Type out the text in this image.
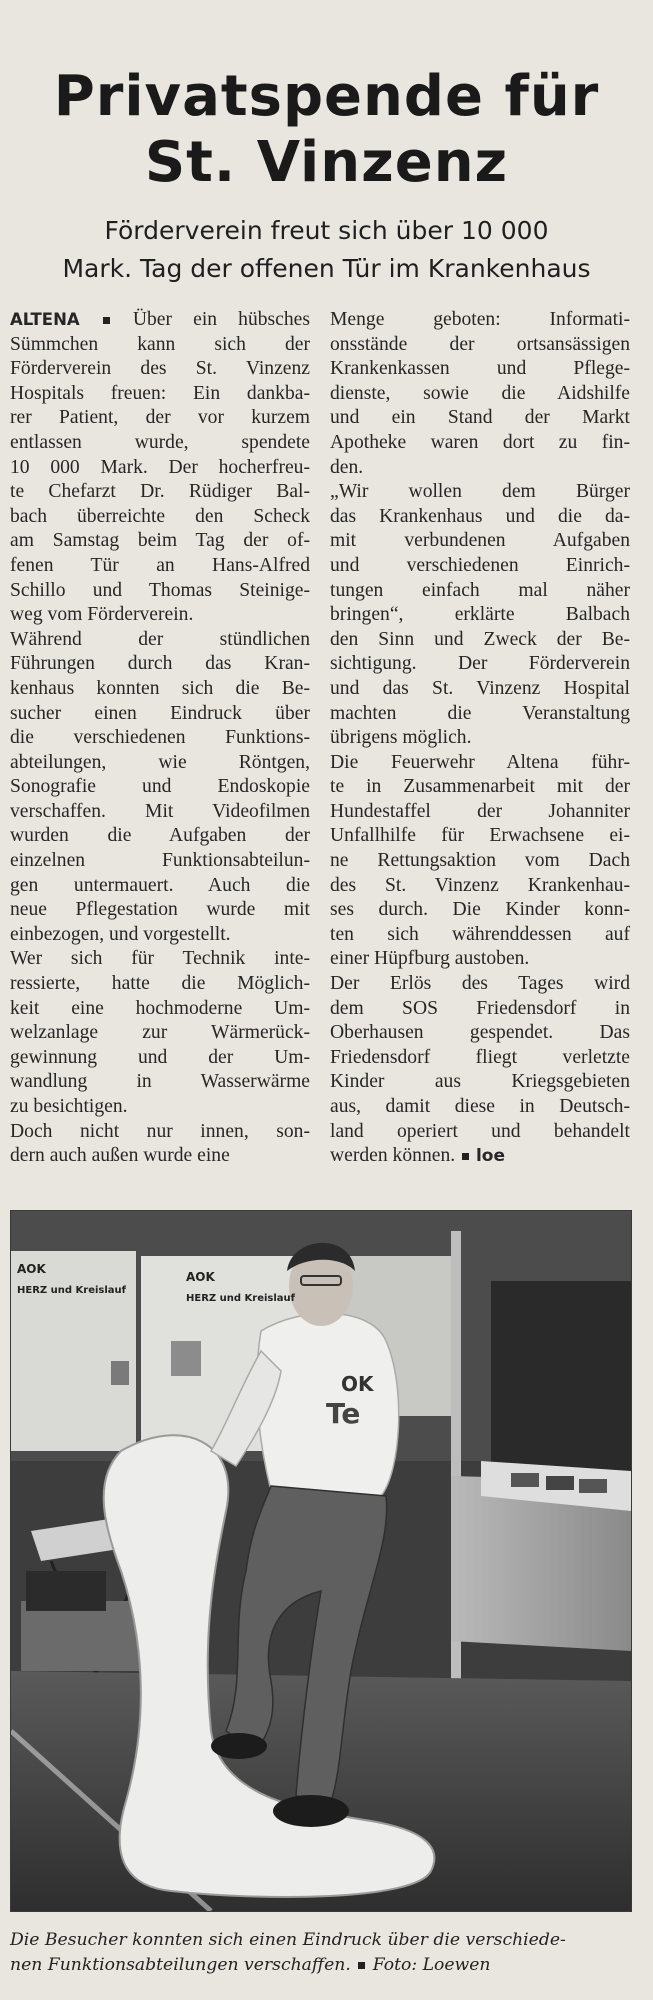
Privatspende für
St. Vinzenz
Förderverein freut sich über 10 000
Mark. Tag der offenen Tür im Krankenhaus
ALTENA	Über ein hübsches
Sümmchen kann sich der
Förderverein des St. Vinzenz
Hospitals freuen: Ein dankba-
rer Patient, der vor kurzem
entlassen wurde, spendete
10 000 Mark. Der hocherfreu-
te Chefarzt Dr. Rüdiger Bal-
bach überreichte den Scheck
am Samstag beim Tag der of-
fenen Tür an Hans-Alfred
Schillo und Thomas Steinige-
weg vom Förderverein.
Während der stündlichen
Führungen durch das Kran-
kenhaus konnten sich die Be-
sucher einen Eindruck über
die verschiedenen Funktions-
abteilungen, wie Röntgen,
Sonografie und Endoskopie
verschaffen. Mit Videofilmen
wurden die Aufgaben der
einzelnen Funktionsabteilun-
gen untermauert. Auch die
neue Pflegestation wurde mit
einbezogen, und vorgestellt.
Wer sich für Technik inte-
ressierte, hatte die Möglich-
keit eine hochmoderne Um-
welzanlage zur Wärmerück-
gewinnung und der Um-
wandlung in Wasserwärme
zu besichtigen.
Doch nicht nur innen, son-
dern auch außen wurde eine
Menge geboten: Informati-
onsstände der ortsansässigen
Krankenkassen und Pflege-
dienste, sowie die Aidshilfe
und ein Stand der Markt
Apotheke waren dort zu fin-
den.
„Wir wollen dem Bürger
das Krankenhaus und die da-
mit verbundenen Aufgaben
und verschiedenen Einrich-
tungen einfach mal näher
bringen“, erklärte Balbach
den Sinn und Zweck der Be-
sichtigung. Der Förderverein
und das St. Vinzenz Hospital
machten die Veranstaltung
übrigens möglich.
Die Feuerwehr Altena führ-
te in Zusammenarbeit mit der
Hundestaffel der Johanniter
Unfallhilfe für Erwachsene ei-
ne Rettungsaktion vom Dach
des St. Vinzenz Krankenhau-
ses durch. Die Kinder konn-
ten sich währenddessen auf
einer Hüpfburg austoben.
Der Erlös des Tages wird
dem SOS Friedensdorf in
Oberhausen gespendet. Das
Friedensdorf fliegt verletzte
Kinder aus Kriegsgebieten
aus, damit diese in Deutsch-
land operiert und behandelt
werden können. loe
OK
Te
AOK
HERZ und Kreislauf
AOK
HERZ und Kreislauf
Die Besucher konnten sich einen Eindruck über die verschiede-
nen Funktionsabteilungen verschaffen. Foto: Loewen
